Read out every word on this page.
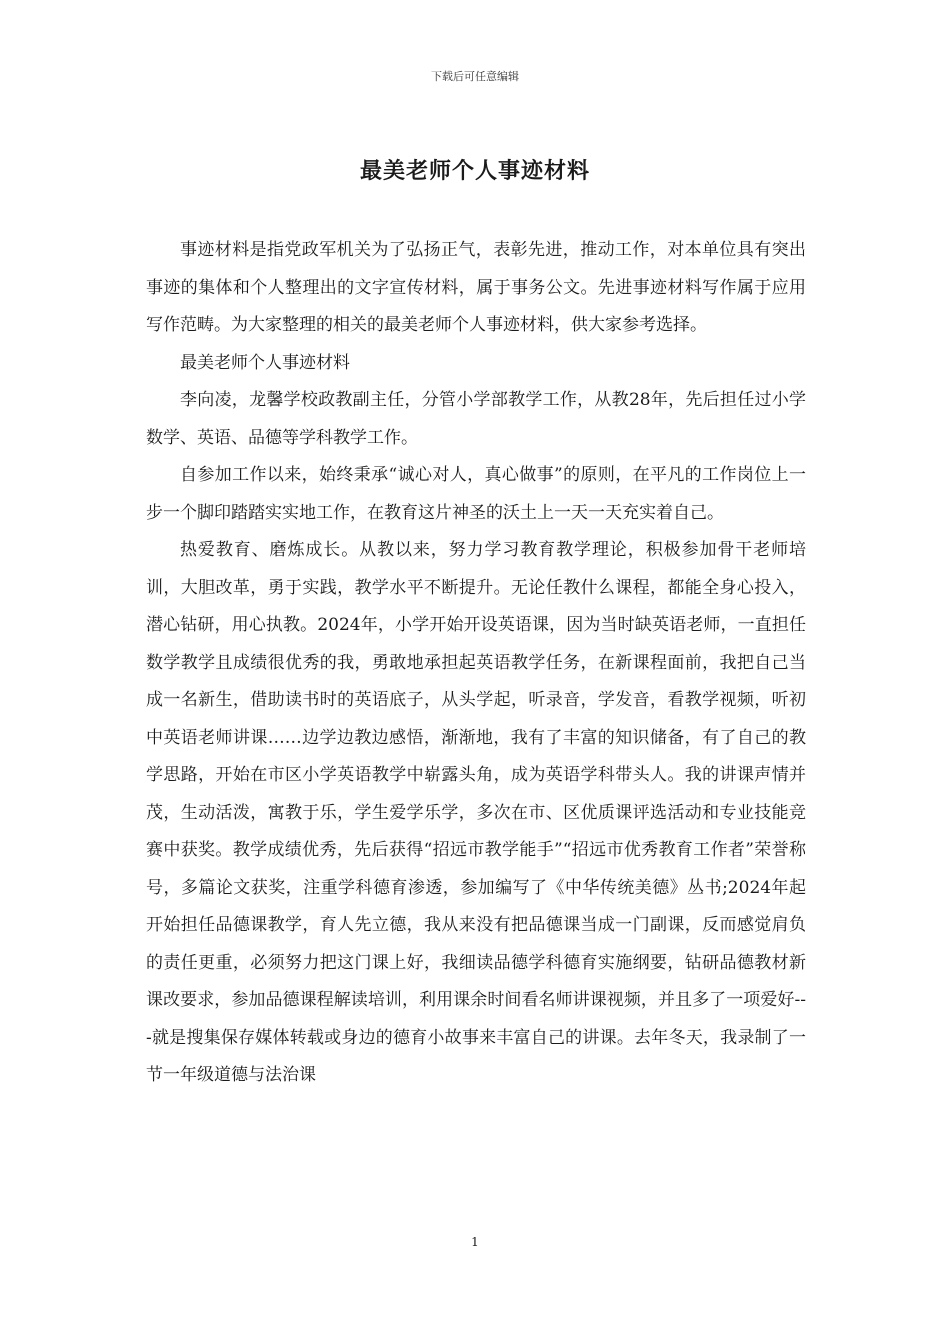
下载后可任意编辑
最美老师个人事迹材料

事迹材料是指党政军机关为了弘扬正气，表彰先进，推动工作，对本单位具有突出事迹的集体和个人整理出的文字宣传材料，属于事务公文。先进事迹材料写作属于应用写作范畴。为大家整理的相关的最美老师个人事迹材料，供大家参考选择。

最美老师个人事迹材料

李向凌，龙馨学校政教副主任，分管小学部教学工作，从教28年，先后担任过小学数学、英语、品德等学科教学工作。

自参加工作以来，始终秉承“诚心对人，真心做事”的原则，在平凡的工作岗位上一步一个脚印踏踏实实地工作，在教育这片神圣的沃土上一天一天充实着自己。

热爱教育、磨炼成长。从教以来，努力学习教育教学理论，积极参加骨干老师培训，大胆改革，勇于实践，教学水平不断提升。无论任教什么课程，都能全身心投入，潜心钻研，用心执教。2024年，小学开始开设英语课，因为当时缺英语老师，一直担任数学教学且成绩很优秀的我，勇敢地承担起英语教学任务，在新课程面前，我把自己当成一名新生，借助读书时的英语底子，从头学起，听录音，学发音，看教学视频，听初中英语老师讲课……边学边教边感悟，渐渐地，我有了丰富的知识储备，有了自己的教学思路，开始在市区小学英语教学中崭露头角，成为英语学科带头人。我的讲课声情并茂，生动活泼，寓教于乐，学生爱学乐学，多次在市、区优质课评选活动和专业技能竞赛中获奖。教学成绩优秀，先后获得“招远市教学能手”“招远市优秀教育工作者”荣誉称号，多篇论文获奖，注重学科德育渗透，参加编写了《中华传统美德》丛书;2024年起开始担任品德课教学，育人先立德，我从来没有把品德课当成一门副课，反而感觉肩负的责任更重，必须努力把这门课上好，我细读品德学科德育实施纲要，钻研品德教材新课改要求，参加品德课程解读培训，利用课余时间看名师讲课视频，并且多了一项爱好---就是搜集保存媒体转载或身边的德育小故事来丰富自己的讲课。去年冬天，我录制了一节一年级道德与法治课

1
